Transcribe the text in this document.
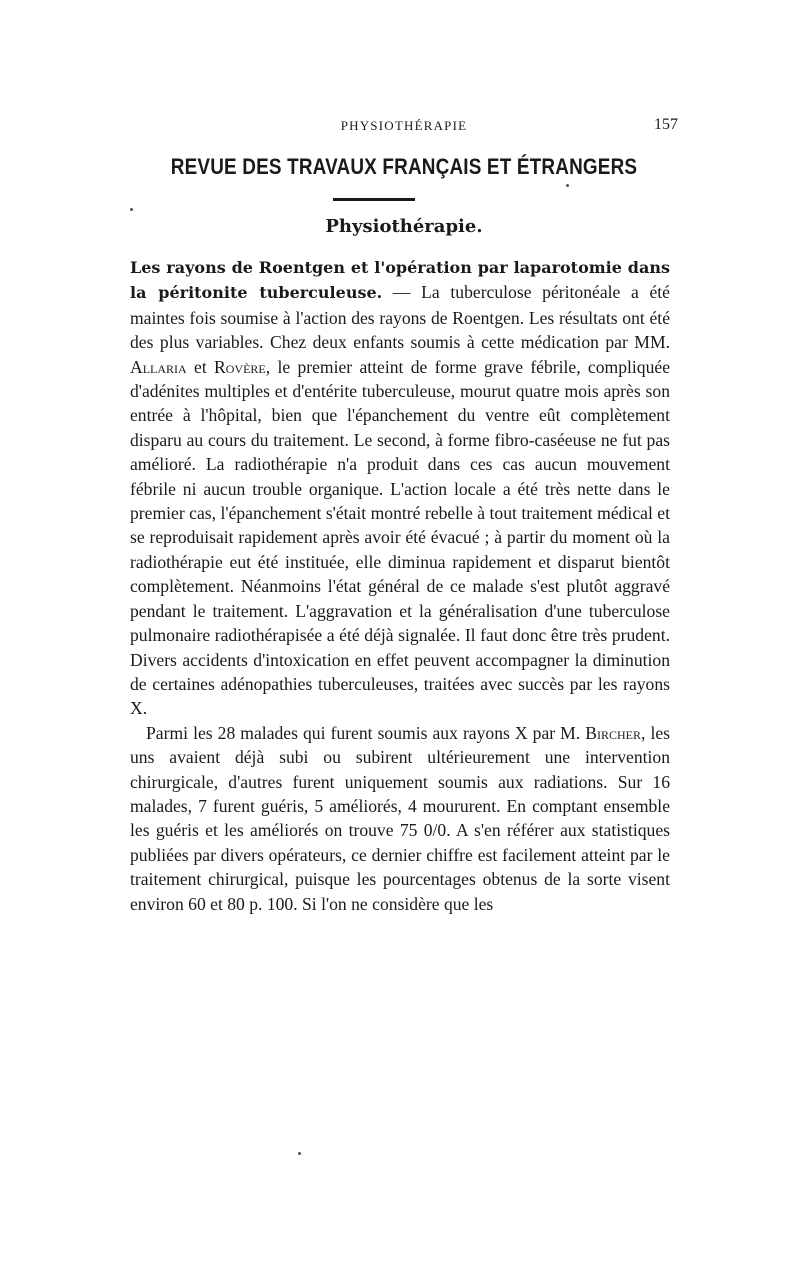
PHYSIOTHÉRAPIE	157
REVUE DES TRAVAUX FRANÇAIS ET ÉTRANGERS
Physiothérapie.

Les rayons de Roentgen et l'opération par laparotomie dans la péritonite tuberculeuse. — La tuberculose péritonéale a été maintes fois soumise à l'action des rayons de Roentgen. Les résultats ont été des plus variables. Chez deux enfants soumis à cette médication par MM. Allaria et Rovère, le premier atteint de forme grave fébrile, compliquée d'adénites multiples et d'entérite tuberculeuse, mourut quatre mois après son entrée à l'hôpital, bien que l'épanchement du ventre eût complètement disparu au cours du traitement. Le second, à forme fibro-caséeuse ne fut pas amélioré. La radiothérapie n'a produit dans ces cas aucun mouvement fébrile ni aucun trouble organique. L'action locale a été très nette dans le premier cas, l'épanchement s'était montré rebelle à tout traitement médical et se reproduisait rapidement après avoir été évacué ; à partir du moment où la radiothérapie eut été instituée, elle diminua rapidement et disparut bientôt complètement. Néanmoins l'état général de ce malade s'est plutôt aggravé pendant le traitement. L'aggravation et la généralisation d'une tuberculose pulmonaire radiothérapisée a été déjà signalée. Il faut donc être très prudent. Divers accidents d'intoxication en effet peuvent accompagner la diminution de certaines adénopathies tuberculeuses, traitées avec succès par les rayons X.

Parmi les 28 malades qui furent soumis aux rayons X par M. Bircher, les uns avaient déjà subi ou subirent ultérieurement une intervention chirurgicale, d'autres furent uniquement soumis aux radiations. Sur 16 malades, 7 furent guéris, 5 améliorés, 4 moururent. En comptant ensemble les guéris et les améliorés on trouve 75 0/0. A s'en référer aux statistiques publiées par divers opérateurs, ce dernier chiffre est facilement atteint par le traitement chirurgical, puisque les pourcentages obtenus de la sorte visent environ 60 et 80 p. 100. Si l'on ne considère que les
